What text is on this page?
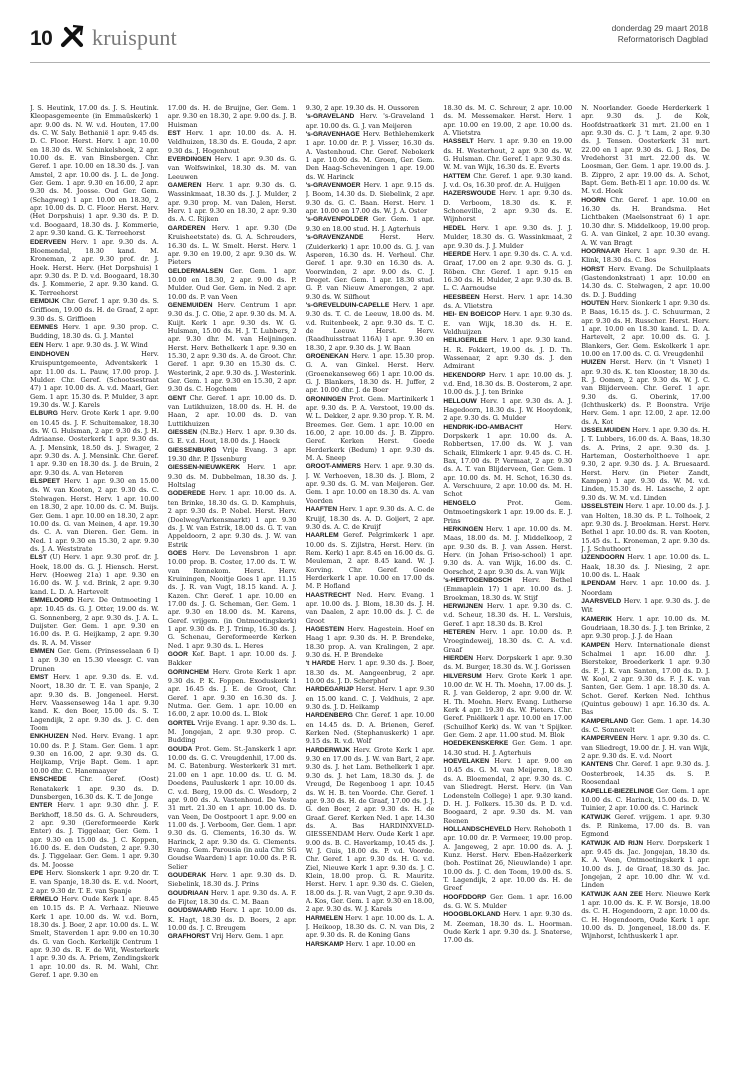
10 kruispunt	donderdag 29 maart 2018
Reformatorisch Dagblad
J. S. Heutink, 17.00 ds. J. S. Heutink. Kleopasgemeente (in Emmaüskerk) 1 apr. 9.00 ds. N. W. v.d. Houten, 17.00 ds. C. W. Saly. Bethanië 1 apr. 9.45 ds. D. C. Floor. Herst. Herv. 1 apr. 10.00 en 18.30 ds. W. Schinkelshoek, 2 apr. 10.00 ds. E. van Binsbergen. Chr. Geref. 1 apr. 10.00 en 18.30 ds. J. van Amstel, 2 apr. 10.00 ds. J. L. de Jong. Ger. Gem. 1 apr. 9.30 en 16.00, 2 apr. 9.30 ds. M. Joosse. Oud Ger. Gem. (Schagweg) 1 apr. 10.00 en 18.30, 2 apr. 10.00 ds. D. C. Floor. Herst. Herv. (Het Dorpshuis) 1 apr. 9.30 ds. P. D. v.d. Boogaard, 18.30 ds. J. Kommerie, 2 apr. 9.30 kand. G. K. Terreehorst
EDERVEEN Herv. 1 apr. 9.30 ds. A. Bloemendal, 18.30 kand. M. Kroneman, 2 apr. 9.30 prof. dr. J. Hoek. Herst. Herv. (Het Dorpshuis) 1 apr. 9.30 ds. P. D. v.d. Boogaard, 18.30 ds. J. Kommerie, 2 apr. 9.30 kand. G. K. Terreehorst
EEMDIJK Chr. Geref. 1 apr. 9.30 ds. S. Griffioen, 19.00 ds. H. de Graaf, 2 apr. 9.30 ds. S. Griffioen
EEMNES Herv. 1 apr. 9.30 prop. C. Budding, 18.30 ds. G. J. Mantel
EEN Herv. 1 apr. 9.30 ds. J. W. Wind
EINDHOVEN	Herv. Kruispuntgemeente, Adventskerk 1 apr. 11.00 ds. L. Pauw, 17.00 prop. J. Mulder. Chr. Geref. (Schootsestraat 47) 1 apr. 10.00 ds. A. v.d. Maarl, Ger. Gem. 1 apr. 15.30 ds. P. Mulder, 3 apr. 19.30 ds. W. J. Karels
ELBURG Herv. Grote Kerk 1 apr. 9.00 en 10.45 ds. J. F. Schuitemaker, 18.30 ds. W. G. Hulsman, 2 apr. 9.30 ds. J. H. Adriaanse. Oosterkerk 1 apr. 9.30 ds. A. J. Mensink, 18.50 ds. J. Swager, 2 apr. 9.30 ds. A. J. Mensink. Chr. Geref. 1 apr. 9.30 en 18.30 ds. J. de Bruin, 2 apr. 9.30 ds. A. van Heteren
ELSPEET Herv. 1 apr. 9.30 en 15.00 ds. W. van Kooten, 2 apr. 9.30 ds. C. Stelwagen. Herst. Herv. 1 apr. 10.00 en 18.30, 2 apr. 10.00 ds. C. M. Buijs. Ger. Gem. 1 apr. 10.00 en 18.30, 2 apr. 10.00 ds. G. van Meinen, 4 apr. 19.30 ds. C. A. van Dieren. Ger. Gem. in Ned. 1 apr. 9.30 en 15.30, 2 apr. 9.30 ds. J. A. Weststrate
ELST (U) Herv. 1 apr. 9.30 prof. dr. J. Hoek, 18.00 ds. G. J. Hiensch. Herst. Herv. (Hoeweg 21a) 1 apr. 9.30 en 16.00 ds. W. J. v.d. Brink, 2 apr. 9.30 kand. L. D. A. Hartevelt
EMMELOORD Herv. De Ontmoeting 1 apr. 10.45 ds. G. J. Otter, 19.00 ds. W. G. Sonnenberg, 2 apr. 9.30 ds. J. A. L. Duijster. Ger. Gem. 1 apr. 9.30 en 16.00 ds. P. G. Heijkamp, 2 apr. 9.30 ds. R. A. M. Visser
EMMEN Ger. Gem. (Prinsesselaan 6 I) 1 apr. 9.30 en 15.30 vleesgr. C. van Drunen
EMST Herv. 1 apr. 9.30 ds. E. v.d. Noort, 18.30 dr. T. E. van Spanje, 2 apr. 9.30 ds. B. Jongeneel. Herst. Herv. Vaassenseweg 14a 1 apr. 9.30 kand. K. den Boer, 15.00 ds. S. T. Lagendijk, 2 apr. 9.30 ds. J. C. den Toom
ENKHUIZEN Ned. Herv. Evang. 1 apr. 10.00 ds. P. J. Stam. Ger. Gem. 1 apr. 9.30 en 16.00, 2 apr. 9.30 ds. G. Heijkamp, Vrije Bapt. Gem. 1 apr. 10.00 dhr. C. Hanemaayer
ENSCHEDE Chr. Geref. (Oost) Renatakerk 1 apr. 9.30 ds. D. Dunsbergen, 16.30 ds. K. T. de Jonge
ENTER Herv. 1 apr. 9.30 dhr. J. F. Berkhoff, 18.50 ds. G. A. Schreuders, 2 apr. 9.30 (Gereformeerde Kerk Enter) ds. J. Tiggelaar, Ger. Gem. 1 apr. 9.30 en 15.00 ds. J. C. Koppen, 16.00 ds. E. den Oudsten, 2 apr. 9.30 ds. J. Tiggelaar. Ger. Gem. 1 apr. 9.30 ds. M. Joosse
EPE Herv. Sionskerk 1 apr. 9.20 dr. T. E. van Spanje, 18.30 ds. E. v.d. Noort, 2 apr. 9.30 dr. T. E. van Spanje
ERMELO Herv. Oude Kerk 1 apr. 8.45 en 10.15 ds. P. A. Verhaaz. Nieuwe Kerk 1 apr. 10.00 ds. W. v.d. Born, 18.30 ds. J. Boer, 2 apr. 10.00 ds. L. W. Smelt, Staverden 1 apr. 9.00 en 10.30 ds. G. van Goch. Kerkelijk Centrum 1 apr. 9.30 ds. R. F. de Wit, Westerkerk 1 apr. 9.30 ds. A. Priem, Zendingskerk 1 apr. 10.00 ds. R. M. Wahl, Chr. Geref. 1 apr. 9.30 en
17.00 ds. H. de Bruijne, Ger. Gem. 1 apr. 9.30 en 18.30, 2 apr. 9.00 ds. J. B. Huisman
EST Herv. 1 apr. 10.00 ds. A. H. Veldhuizen, 18.30 ds. E. Gouda, 2 apr. 9.30 ds. J. Hogenhout
EVERDINGEN Herv. 1 apr. 9.30 ds. G. van Wolfswinkel, 18.30 ds. M. van Leeuwen
GAMEREN Herv. 1 apr. 9.30 ds. G. Wassinkmaat, 18.30 ds. J. J. Mulder, 2 apr. 9.30 prop. M. van Dalen, Herst. Herv. 1 apr. 9.30 en 18.30, 2 apr. 9.30 ds. A. C. Rijken
GARDEREN Herv. 1 apr. 9.30 (De Kruisheetstate) ds. G. A. Schreuders, 16.30 ds. L. W. Smelt. Herst. Herv. 1 apr. 9.30 en 19.00, 2 apr. 9.30 ds. W. Pieters
GELDERMALSEN Ger. Gem. 1 apr. 10.00 en 18.30, 2 apr. 9.00 ds. P. Mulder. Oud Ger. Gem. in Ned. 2 apr. 10.00 ds. P. van Veen
GENEMUIDEN Herv. Centrum 1 apr. 9.30 ds. J. C. Olie, 2 apr. 9.30 ds. M. A. Kuijt. Kerk 1 apr. 9.30 ds. W. G. Hulsman, 15.00 ds. H. J. T. Lubbers, 2 apr. 9.30 dhr. M. van Heijningen. Herst. Herv. Bethelkerk 1 apr. 9.30 en 15.30, 2 apr. 9.30 ds. A. de Groot. Chr. Geref. 1 apr. 9.30 en 15.30 ds. C. Westerink, 2 apr. 9.30 ds. J. Westerink. Ger. Gem. 1 apr. 9.30 en 15.30, 2 apr. 9.30 ds. C. Hogchem
GENT Chr. Geref. 1 apr. 10.00 ds. D. van Lutikhuizen, 18.00 ds. H. H. de Haan, 2 apr. 10.00 ds. D. van Luttikhuizen
GIESSEN (N.Bz.) Herv. 1 apr. 9.30 ds. G. E. v.d. Hout, 18.00 ds. J. Haeck
GIESSENBURG Vrije Evang. 3 apr. 19.30 dhr. P. IJssenburg
GIESSEN-NIEUWKERK Herv. 1 apr. 9.30 ds. M. Dubbelman, 18.30 ds. J. Holtslag
GODEREDE Herv. 1 apr. 10.00 ds. A. ten Brinke, 18.30 ds. G. D. Kamphuis, 2 apr. 9.30 ds. P. Nobel. Herst. Herv. (Doelweg/Varkensmarkt) 1 apr. 9.30 ds. J. W. van Estrik, 18.00 ds. G. T. van Appeldoorn, 2 apr. 9.30 ds. J. W. van Estrik
GOES Herv. De Levensbron 1 apr. 10.00 prop. B. Coster, 17.00 ds. T. W. van Rennekom. Herst. Herv. Kruiningen, Nooitje Goes 1 apr. 11.15 ds. J. R. van Vugt, 18.15 kand. A. J. Kazen. Chr. Geref. 1 apr. 10.00 en 17.00 ds. J. G. Scheman, Ger. Gem. 1 apr. 9.30 en 18.00 ds. M. Karens, Geref. vrijgem. (in Ontmoetingskerk) 1 apr. 9.30 ds. P. J. Trimp, 16.30 ds. J. G. Schenau, Gereformeerde Kerken Ned. 1 apr. 9.30 ds. L. Heres
GOOR Kef. Bapt. 1 apr. 10.00 ds. J. Bakker
GORINCHEM Herv. Grote Kerk 1 apr. 9.30 ds. P. K. Foppen. Exoduskerk 1 apr. 16.45 ds. J. E. de Groot, Chr. Geref. 1 apr. 9.30 en 16.30 ds. J. Nutma. Ger. Gem. 1 apr. 10.00 en 16.00, 2 apr. 10.00 ds. L. Blok
GORTEL Vrije Evang. 1 apr. 9.30 ds. L. M. Jongejan, 2 apr. 9.30 prop. C. Budding
GOUDA Prot. Gem. St.-Janskerk 1 apr. 10.00 ds. G. C. Vreugdenhil, 17.00 ds. M. C. Batenburg. Westerkerk 31 mrt. 21.00 en 1 apr. 10.00 ds. U. G. M. Doedens, Pauluskerk 1 apr. 10.00 ds. C. v.d. Berg, 19.00 ds. C. Wesdorp, 2 apr. 9.00 ds. A. Vastenhoud. De Veste 31 mrt. 21.30 en 1 apr. 10.00 ds. D. van Veen, De Oostpoort 1 apr. 9.00 en 11.00 ds. J. Verboom, Ger. Gem. 1 apr. 9.30 ds. G. Clements, 16.30 ds. W. Harinck, 2 apr. 9.30 ds. G. Clements. Evang. Gem. Parousia (in aula Chr. SG Goudse Waarden) 1 apr. 10.00 ds. P. R. Selier
GOUDERAK Herv. 1 apr. 9.30 ds. D. Siebelink, 18.30 ds. J. Prins
GOUDRIAAN Herv. 1 apr. 9.30 ds. A. F. de Fijter, 18.30 ds. C. M. Baan
GOUDSWAARD Herv. 1 apr. 10.00 ds. K. Hagt, 18.30 ds. D. Boers, 2 apr. 10.00 ds. J. C. Breugem
GRAFHORST Vrij Herv. Gem. 1 apr.
9.30, 2 apr. 19.30 ds. H. Oussoren
's-GRAVELAND Herv. 's-Graveland 1 apr. 10.00 ds. G. J. van Meijeren
's-GRAVENHAGE Herv. Bethlehemkerk 1 apr. 10.00 dr. P. J. Visser, 16.30 ds. A. Vastenhoud. Chr. Geref. Nebokerk 1 apr. 10.00 ds. M. Groen, Ger. Gem. Den Haag-Scheveningen 1 apr. 19.00 ds. W. Harinck
's-GRAVENMOER Herv. 1 apr. 9.15 ds. J. Boom, 14.30 ds. D. Siebelink, 2 apr. 9.30 ds. G. C. Baan. Herst. Herv. 1 apr. 10.00 en 17.00 ds. W. J. A. Oster
's-GRAVENPOLDER Ger. Gem. 1 apr. 9.30 en 18.00 stud. H. J. Agterhuis
's-GRAVENZANDE Herst. Herv. (Zuiderkerk) 1 apr. 10.00 ds. G. J. van Asperen, 16.30 ds. H. Verheul. Chr. Geref. 1 apr. 9.30 en 16.30 ds. A. Voorwinden, 2 apr. 9.00 ds. C. J. Dreget. Ger. Gem. 1 apr. 18.30 stud. G. P. van Nieuw Amerongen, 2 apr. 9.30 ds. W. Silfhout
's-GREVELDUIN-CAPELLE Herv. 1 apr. 9.30 ds. T. C. de Leeuw, 18.00 ds. M. v.d. Ruitenbeek, 2 apr. 9.30 ds. T. C. de Leeuw. Herst. Herv. (Raadhuisstraat 116A) 1 apr. 9.30 en 18.30, 2 apr. 9.30 ds. J. W. Baan
GROENEKAN Herv. 1 apr. 15.30 prop. G. A. van Ginkel. Herst. Herv. (Groenekanseweg 66) 1 apr. 10.00 ds. G. J. Blankers, 18.30 ds. H. Juffer, 2 apr. 10.00 dhr. J. de Boer
GRONINGEN Prot. Gem. Martinikerk 1 apr. 9.30 ds. P. A. Verstoot, 19.00 ds. W. L. Dekker, 2 apr. 9.30 prop. Y. R. M. Breemes. Ger. Gem. 1 apr. 10.00 en 16.00, 2 apr. 10.00 ds. J. B. Zippro. Geref. Kerken Herst. Goede Herderkerk (Bedum) 1 apr. 9.30 ds. M. A. Sneep
GROOT-AMMERS Herv. 1 apr. 9.30 ds. J. W. Verhoeven, 18.30 ds. J. Blom, 2 apr. 9.30 ds. G. M. van Meijeren. Ger. Gem. 1 apr. 10.00 en 18.30 ds. A. van Voorden
HAAFTEN Herv. 1 apr. 9.30 ds. A. C. de Kruijf, 18.30 ds. A. D. Goijert, 2 apr. 9.30 ds. A. C. de Kruijf
HAARLEM Geref. Pelgrimkerk 1 apr. 10.00 ds. S. Zijlstra, Herst. Herv. (in Rem. Kerk) 1 apr. 8.45 en 16.00 ds. G. Meuleman, 2 apr. 8.45 kand. W. J. Korving. Chr. Geref. Goede Herderkerk 1 apr. 10.00 en 17.00 ds. M. P. Hofland
HAASTRECHT Ned. Herv. Evang. 1 apr. 10.00 ds. J. Blom, 18.30 ds. J. H. van Daalen, 2 apr. 10.00 ds. J. C. de Groot
HAGESTEIN Herv. Hagestein. Hoef en Haag 1 apr. 9.30 ds. H. P. Brendeke, 18.30 prop. A. van Kralingen, 2 apr. 9.30 ds. H. P. Brendeke
't HARDE Herv. 1 apr. 9.30 ds. J. Boer, 18.30 ds. M. Aangeenbrug, 2 apr. 10.00 ds. J. D. Scherphof
HARDEGARIJP Herst. Herv. 1 apr. 9.30 en 15.00 kand. C. J. Veldhuis, 2 apr. 9.30 ds. J. D. Heikamp
HARDENBERG Chr. Geref. 1 apr. 10.00 en 14.45 ds. D. A. Brienen, Geref. Kerken Ned. (Stephanuskerk) 1 apr. 9.15 ds. R. v.d. Wolf
HARDERWIJK Herv. Grote Kerk 1 apr. 9.30 en 17.00 ds. J. W. van Bart, 2 apr. 9.30 ds. J. het Lam. Bethelkerk 1 apr. 9.30 ds. J. het Lam, 18.30 ds. J. de Vreugd, De Regenboog 1 apr. 10.45 ds. W. H. B. ten Voorde. Chr. Geref. 1 apr. 9.30 ds. H. de Graaf, 17.00 ds. J. J. G. den Boer, 2 apr. 9.30 ds. H. de Graaf. Geref. Kerken Ned. 1 apr. 14.30 ds. A. Bas HARDINXVELD-GIESSENDAM Herv. Oude Kerk 1 apr. 9.00 ds. B. C. Haverkamp, 10.45 ds. J. W. J. Guis, 18.00 ds. P. v.d. Voorde. Chr. Geref. 1 apr. 9.30 ds. H. G. v.d. Ziel, Nieuwe Kerk 1 apr. 9.30 ds. J. C. Klein, 18.00 prop. G. R. Mauritz. Herst. Herv. 1 apr. 9.30 ds. C. Gielen, 18.00 ds. J. R. van Vugt, 2 apr. 9.30 ds. A. Kos, Ger. Gem. 1 apr. 9.30 en 18.00, 2 apr. 9.30 ds. W. J. Karels
HARMELEN Herv. 1 apr. 10.00 ds. L. A. J. Heikoop, 18.30 ds. C. N. van Dis, 2 apr. 9.30 ds. R. de Koning Gans
HARSKAMP Herv. 1 apr. 10.00 en
18.30 ds. M. C. Schreur, 2 apr. 10.00 ds. M. Messemaker. Herst. Herv. 1 apr. 10.00 en 19.00, 2 apr. 10.00 ds. A. Vlietstra
HASSELT Herv. 1 apr. 9.30 en 19.00 ds. H. Westerhout, 2 apr. 9.30 ds. W. G. Hulsman. Chr. Geref. 1 apr. 9.30 ds. W. M. van Wijk, 16.30 ds. E. Everts
HATTEM Chr. Geref. 1 apr. 9.30 kand. J. v.d. Os, 16.30 prof. dr. A. Huijgen
HAZERSWOUDE Herv. 1 apr. 9.30 ds. D. Verboom, 18.30 ds. K. F. Schoneville, 2 apr. 9.30 ds. E. Wijnhorst
HEDEL Herv. 1 apr. 9.30 ds. J. J. Mulder, 18.30 ds. G. Wassinkmaat, 2 apr. 9.30 ds. J. J. Mulder
HEERDE Herv. 1 apr. 9.30 ds. C. A. v.d. Graaf, 17.00 en 2 apr. 9.30 ds. G. J. Röben. Chr. Geref. 1 apr. 9.15 en 16.30 ds. H. Mulder, 2 apr. 9.30 ds. B. L. C. Aarnoudse
HEESBEEN Herst. Herv. 1 apr. 14.30 ds. A. Vlietstra
HEI- EN BOEICOP Herv. 1 apr. 9.30 ds. E. van Wijk, 18.30 ds. H. E. Veldhuijzen
HEILIGERLEE Herv. 1 apr. 9.30 kand. H. R. Fokkert, 19.00 ds. J. D. Th. Wassenaar, 2 apr. 9.30 ds. J. den Admirant
HEKENDORP Herv. 1 apr. 10.00 ds. J. v.d. End, 18.30 ds. B. Oosterom, 2 apr. 10.00 ds. J. J. ten Brinke
HELLOUW Herv. 1 apr. 9.30 ds. A. J. Hagedoorn, 18.30 ds. J. W. Hooydonk, 2 apr. 9.30 ds. G. Mulder
HENDRIK-IDO-AMBACHT	Herv. Dorpskerk 1 apr. 10.00 ds. A. Robbertsen, 17.00 ds. W. J. van Schaik, Elimkerk 1 apr. 9.45 ds. C. H. Bax, 17.00 ds. P. Vermaat, 2 apr. 9.30 ds. A. T. van Blijderveen, Ger. Gem. 1 apr. 10.00 ds. M. H. Schot, 16.30 ds. A. Verschuure, 2 apr. 10.00 ds. M. H. Schot
HENGELO	Prot. Gem. Ontmoetingskerk 1 apr. 19.00 ds. E. J. Prins
HERKINGEN Herv. 1 apr. 10.00 ds. M. Maas, 18.00 ds. M. J. Middelkoop, 2 apr. 9.30 ds. B. J. van Assen. Herst. Herv. (in Johan Friso-school) 1 apr. 9.30 ds. A. van Wijk, 16.00 ds. C. Oorschot, 2 apr. 9.30 ds. A. van Wijk
's-HERTOGENBOSCH Herv. Bethel (Emmaplein 17) 1 apr. 10.00 ds. J. Broekman, 18.30 ds. W. Stijf
HERWIJNEN Herv. 1 apr. 9.30 ds. C. v.d. Scheur, 18.30 ds. H. L. Versluis, Geref. 1 apr. 18.30 ds. B. Krol
HETEREN Herv. 1 apr. 10.00 ds. P. Vroegindeweij, 18.30 ds. C. A. v.d. Graaf
HIERDEN Herv. Dorpskerk 1 apr. 9.30 ds. M. Burger, 18.30 ds. W. J. Gorissen
HILVERSUM Herv. Grote Kerk 1 apr. 10.00 dr. W. H. Th. Moehn, 17.00 ds. J. R. J. van Gelderop, 2 apr. 9.00 dr. W. H. Th. Moehn. Herv. Evang. Lutherse Kerk 4 apr. 19.30 ds. W. Pieters. Chr. Geref. Pniëlkerk 1 apr. 10.00 en 17.00 (Schuilhof Kerk) ds. W. van 't Spijker. Ger. Gem. 2 apr. 11.00 stud. M. Blok
HOEDEKENSKERKE Ger. Gem. 1 apr. 14.30 stud. H. J. Agterhuis
HOEVELAKEN Herv. 1 apr. 9.00 en 10.45 ds. G. M. van Meijeren, 18.30 ds. A. Bloemendal, 2 apr. 9.30 ds. C. van Sliedregt. Herst. Herv. (in Van Lodensteïn College) 1 apr. 9.30 kand. D. H. J. Folkers. 15.30 ds. P. D. v.d. Boogaard, 2 apr. 9.30 ds. M. van Reenen
HOLLANDSCHEVELD Herv. Rehoboth 1 apr. 10.00 dr. P. Vermeer, 19.00 prop. A. Jangeweg, 2 apr. 10.00 ds. A. J. Kunz. Herst. Herv. Eben-Haëzerkerk (boh. Postiinat 26, Nieuwlande) 1 apr. 10.00 ds. J. C. den Toom, 19.00 ds. S. T. Lagendijk, 2 apr. 10.00 ds. H. de Greef
HOOFDDORP Ger. Gem. 1 apr. 16.00 ds. G. W. S. Mulder
HOOGBLOKLAND Herv. 1 apr. 9.30 ds. M. Zeeman, 18.30 ds. L. Hoorman. Oude Kerk 1 apr. 9.30 ds. J. Snaterse, 17.00 ds.
N. Noorlander. Goede Herderkerk 1 apr. 9.30 ds. J. de Kok, Hoofdstraatkerk 31 mrt. 21.00 en 1 apr. 9.30 ds. C. J. 't Lam, 2 apr. 9.30 ds. J. Tensen. Oosterkerk 31 mrt. 22.00 en 1 apr. 9.30 ds. G. J. Ros, De Vredehorst 31 mrt. 22.00 ds. W. Loosman, Ger. Gem. 1 apr. 19.00 ds. J. B. Zippro, 2 apr. 19.00 ds. A. Schot, Bapt. Gem. Beth-El 1 apr. 10.00 ds. W. M. v.d. Hoek
HOORN Chr. Geref. 1 apr. 10.00 en 16.30 ds. H. Brandsma. Het Lichtbaken (Maelsonstraat 6) 1 apr. 10.30 dhr. S. Middelkoop, 19.00 prop. G. A. van Ginkel, 2 apr. 10.30 evang. A. W. van Bragt
HOORNAAR Herv. 1 apr. 9.30 dr. H. Klink, 18.30 ds. C. Bos
HORST Herv. Evang. De Schuilplaats (Gastendonkstraat) 1 apr. 10.00 en 14.30 ds. C. Stelwagen, 2 apr. 10.00 ds. D. J. Budding
HOUTEN Herv. Sionkerk 1 apr. 9.30 ds. P. Baas, 16.15 ds. J. C. Schuurman, 2 apr. 9.30 ds. H. Russcher. Herst. Herv. 1 apr. 10.00 en 18.30 kand. L. D. A. Hartevelt, 2 apr. 10.00 ds. G. J. Blankers, Ger. Gem. Eskolkerk 1 apr. 10.00 en 17.00 ds. C. G. Vreugdenhil
HUIZEN Herst. Herv. (in 't Visnet) 1 apr. 9.30 ds. K. ten Klooster, 18.30 ds. R. J. Oomen, 2 apr. 9.30 ds. W. J. C. van Blijderveen. Chr. Geref. 1 apr. 9.30 ds. G. Oberink, 17.00 (Ichthuskerk) ds. P. Boonstra. Vrije Herv. Gem. 1 apr. 12.00, 2 apr. 12.00 ds. A. Kot
IJSSELMUIDEN Herv. 1 apr. 9.30 ds. H. J. T. Lubbers, 16.00 ds. A. Baas, 18.30 ds. A. Prins, 2 apr. 9.30 ds. J. Harteman, Oosterholthoeve 1 apr. 9.30, 2 apr. 9.30 ds. J. A. Bruesaard. Herst. Herv. (in Pieter Zandt, Kampen) 1 apr. 9.30 ds. W. M. v.d. Linden, 15.30 ds. H. Lassche, 2 apr. 9.30 ds. W. M. v.d. Linden
IJSSELSTEIN Herv. 1 apr. 10.00 ds. J. J. van Holten, 18.30 ds. P. L. Tolhoek, 2 apr. 9.30 ds. J. Broekman. Herst. Herv. Bethel 1 apr. 10.00 ds. R. van Kooten, 15.45 ds. L. Kroneman, 2 apr. 9.30 ds. J. J. Schuthoort
IJZENDOORN Herv. 1 apr. 10.00 ds. L. Haak, 18.30 ds. J. Niesing, 2 apr. 10.00 ds. L. Haak
ILPENDAM Herv. 1 apr. 10.00 ds. J. Noordam
JAARSVELD Herv. 1 apr. 9.30 ds. J. de Wit
KAMERIK Herv. 1 apr. 10.00 ds. M. Goudriaan, 18.30 ds. J. J. ten Brinke, 2 apr. 9.30 prop. J. J. de Haan
KAMPEN Herv. Internationale dienst Schalmei 1 apr. 16.00 dhr. J. Biersteker, Broederkerk 1 apr. 9.30 ds. F. J. K. van Santen, 17.00 ds. D. J. W. Kool, 2 apr. 9.30 ds. F. J. K. van Santen, Ger. Gem. 1 apr. 18.30 ds. A. Schot. Geref. Kerken Ned. Ichthus (Quintus gebouw) 1 apr. 16.30 ds. A. Bas
KAMPERLAND Ger. Gem. 1 apr. 14.30 ds. C. Sonnevelt
KAMPERVEEN Herv. 1 apr. 9.30 ds. C. van Sliedregt, 19.00 dr. J. H. van Wijk, 2 apr. 9.30 ds. E. v.d. Noort
KANTENS Chr. Geref. 1 apr. 9.30 ds. J. Oosterbroek, 14.35 ds. S. P. Roosendaal
KAPELLE-BIEZELINGE Ger. Gem. 1 apr. 10.00 ds. C. Harinck, 15.00 ds. D. W. Tuinier, 2 apr. 10.00 ds. C. Harinck
KATWIJK Geref. vrijgem. 1 apr. 9.30 ds. P. Rinkema, 17.00 ds. B. van Egmond
KATWIJK A/D RIJN Herv. Dorpskerk 1 apr. 9.45 ds. Jac. Jongejan, 18.30 ds. K. A. Veen, Ontmoetingskerk 1 apr. 10.00 ds. J. de Graaf, 18.30 ds. Jac. Jongejan, 2 apr. 10.00 dhr. W. v.d. Linden
KATWIJK AAN ZEE Herv. Nieuwe Kerk 1 apr. 10.00 ds. K. F. W. Borsje, 18.00 ds. C. H. Hogendoorn, 2 apr. 10.00 ds. C. H. Hogendoorn, Oude Kerk 1 apr. 10.00 ds. D. Jongeneel, 18.00 ds. F. Wijnhorst, Ichthuskerk 1 apr.
